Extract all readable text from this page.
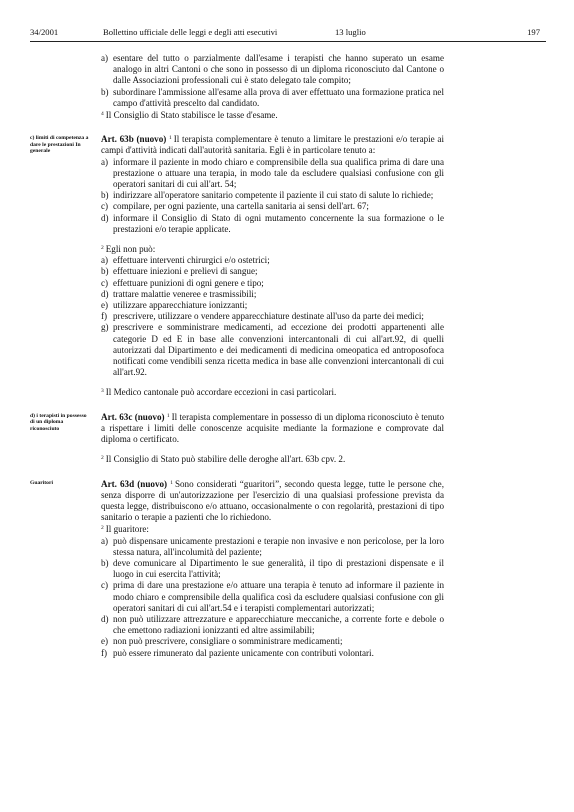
34/2001	Bollettino ufficiale delle leggi e degli atti esecutivi	13 luglio	197
a) esentare del tutto o parzialmente dall'esame i terapisti che hanno superato un esame analogo in altri Cantoni o che sono in possesso di un diploma riconosciuto dal Cantone o dalle Associazioni professionali cui è stato delegato tale compito;
b) subordinare l'ammissione all'esame alla prova di aver effettuato una formazione pratica nel campo d'attività prescelto dal candidato.

$^4$ Il Consiglio di Stato stabilisce le tasse d'esame.

c) limiti di competenza a dare le prestazioni In generale

Art. 63b (nuovo) $^1$ Il terapista complementare è tenuto a limitare le prestazioni e/o terapie ai campi d'attività indicati dall'autorità sanitaria. Egli è in particolare tenuto a:

a) informare il paziente in modo chiaro e comprensibile della sua qualifica prima di dare una prestazione o attuare una terapia, in modo tale da escludere qualsiasi confusione con gli operatori sanitari di cui all'art. 54;
b) indirizzare all'operatore sanitario competente il paziente il cui stato di salute lo richiede;
c) compilare, per ogni paziente, una cartella sanitaria ai sensi dell'art. 67;
d) informare il Consiglio di Stato di ogni mutamento concernente la sua formazione o le prestazioni e/o terapie applicate.

$^2$ Egli non può:

a) effettuare interventi chirurgici e/o ostetrici;
b) effettuare iniezioni e prelievi di sangue;
c) effettuare punizioni di ogni genere e tipo;
d) trattare malattie veneree e trasmissibili;
e) utilizzare apparecchiature ionizzanti;
f) prescrivere, utilizzare o vendere apparecchiature destinate all'uso da parte dei medici;
g) prescrivere e somministrare medicamenti, ad eccezione dei prodotti appartenenti alle categorie D ed E in base alle convenzioni intercantonali di cui all'art.92, di quelli autorizzati dal Dipartimento e dei medicamenti di medicina omeopatica ed antroposofoca notificati come vendibili senza ricetta medica in base alle convenzioni intercantonali di cui all'art.92.

$^3$ Il Medico cantonale può accordare eccezioni in casi particolari.

d) i terapisti in possesso di un diploma riconosciuto

Art. 63c (nuovo) $^1$ Il terapista complementare in possesso di un diploma riconosciuto è tenuto a rispettare i limiti delle conoscenze acquisite mediante la formazione e comprovate dal diploma o certificato.

$^2$ Il Consiglio di Stato può stabilire delle deroghe all'art. 63b cpv. 2.

Guaritori	Art. 63d (nuovo) $^1$ Sono considerati “guaritori”, secondo questa legge, tutte le persone che, senza disporre di un'autorizzazione per l'esercizio di una qualsiasi professione prevista da questa legge, distribuiscono e/o attuano, occasionalmente o con regolarità, prestazioni di tipo sanitario o terapie a pazienti che lo richiedono.

$^2$ Il guaritore:

a) può dispensare unicamente prestazioni e terapie non invasive e non pericolose, per la loro stessa natura, all'incolumità del paziente;
b) deve comunicare al Dipartimento le sue generalità, il tipo di prestazioni dispensate e il luogo in cui esercita l'attività;
c) prima di dare una prestazione e/o attuare una terapia è tenuto ad informare il paziente in modo chiaro e comprensibile della qualifica così da escludere qualsiasi confusione con gli operatori sanitari di cui all'art.54 e i terapisti complementari autorizzati;
d) non può utilizzare attrezzature e apparecchiature meccaniche, a corrente forte e debole o che emettono radiazioni ionizzanti ed altre assimilabili;
e) non può prescrivere, consigliare o somministrare medicamenti;
f) può essere rimunerato dal paziente unicamente con contributi volontari.
